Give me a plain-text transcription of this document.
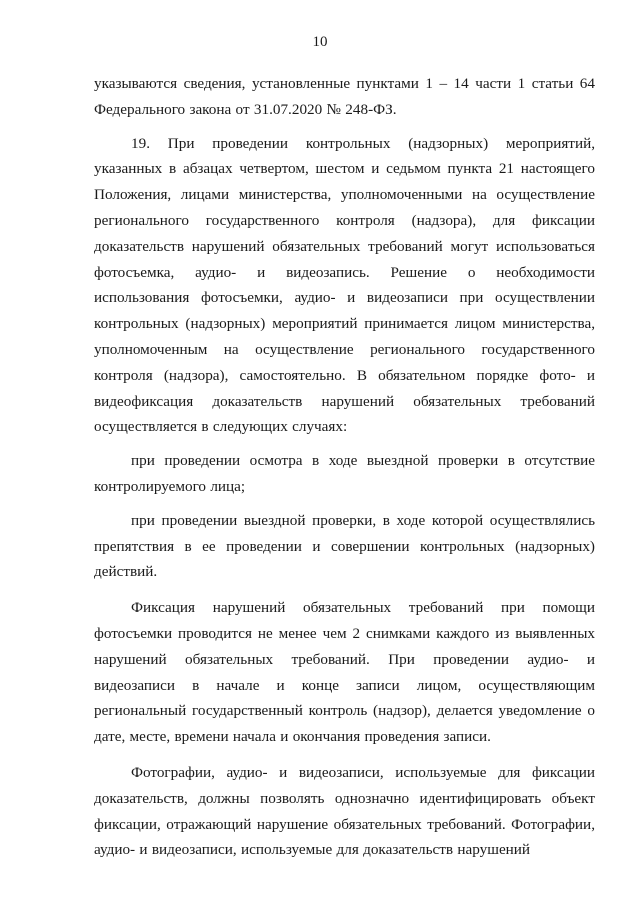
10

указываются сведения, установленные пунктами 1 – 14 части 1 статьи 64 Федерального закона от 31.07.2020 № 248-ФЗ.

19. При проведении контрольных (надзорных) мероприятий, указанных в абзацах четвертом, шестом и седьмом пункта 21 настоящего Положения, лицами министерства, уполномоченными на осуществление регионального государственного контроля (надзора), для фиксации доказательств нарушений обязательных требований могут использоваться фотосъемка, аудио- и видеозапись. Решение о необходимости использования фотосъемки, аудио- и видеозаписи при осуществлении контрольных (надзорных) мероприятий принимается лицом министерства, уполномоченным на осуществление регионального государственного контроля (надзора), самостоятельно. В обязательном порядке фото- и видеофиксация доказательств нарушений обязательных требований осуществляется в следующих случаях:

при проведении осмотра в ходе выездной проверки в отсутствие контролируемого лица;

при проведении выездной проверки, в ходе которой осуществлялись препятствия в ее проведении и совершении контрольных (надзорных) действий.

Фиксация нарушений обязательных требований при помощи фотосъемки проводится не менее чем 2 снимками каждого из выявленных нарушений обязательных требований. При проведении аудио- и видеозаписи в начале и конце записи лицом, осуществляющим региональный государственный контроль (надзор), делается уведомление о дате, месте, времени начала и окончания проведения записи.

Фотографии, аудио- и видеозаписи, используемые для фиксации доказательств, должны позволять однозначно идентифицировать объект фиксации, отражающий нарушение обязательных требований. Фотографии, аудио- и видеозаписи, используемые для доказательств нарушений
